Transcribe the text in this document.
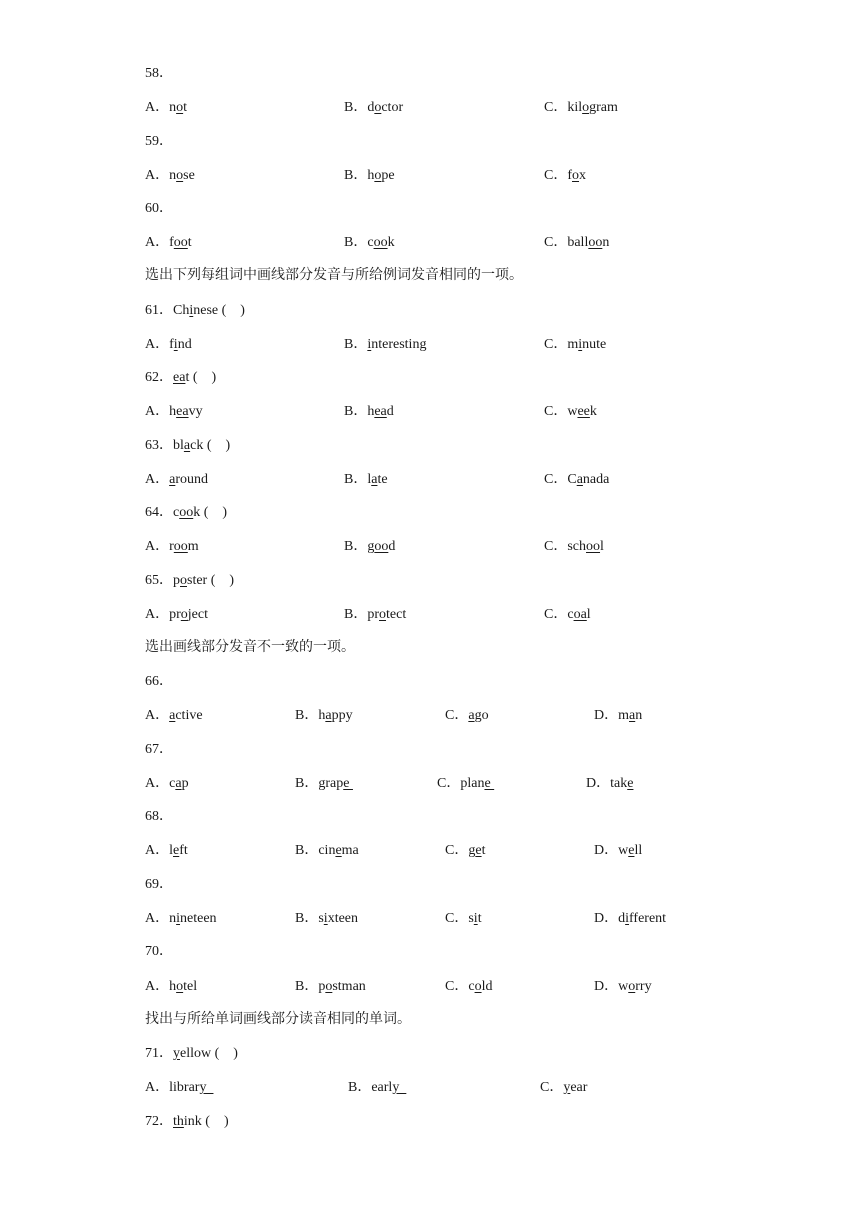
58．
A．not	B．doctor	C．kilogram
59．
A．nose	B．hope	C．fox
60．
A．foot	B．cook	C．balloon
选出下列每组词中画线部分发音与所给例词发音相同的一项。
61．Chinese (    )
A．find	B．interesting	C．minute
62．eat (    )
A．heavy	B．head	C．week
63．black (    )
A．around	B．late	C．Canada
64．cook (    )
A．room	B．good	C．school
65．poster (    )
A．project	B．protect	C．coal
选出画线部分发音不一致的一项。
66．
A．active	B．happy	C．ago	D．man
67．
A．cap	B．grape	C．plane	D．take
68．
A．left	B．cinema	C．get	D．well
69．
A．nineteen	B．sixteen	C．sit	D．different
70．
A．hotel	B．postman	C．cold	D．worry
找出与所给单词画线部分读音相同的单词。
71．yellow (    )
A．library	B．early	C．year
72．think (    )
